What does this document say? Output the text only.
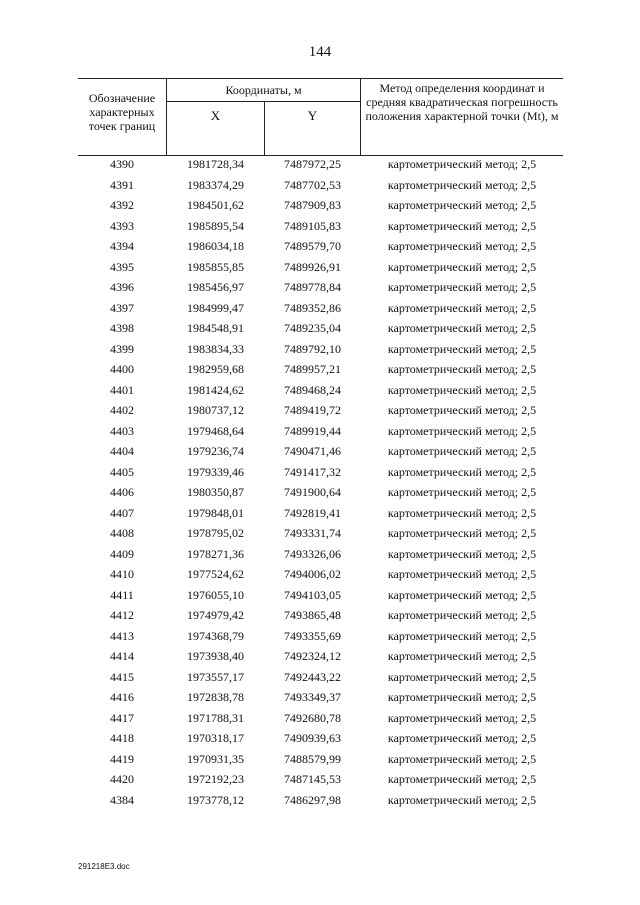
144
Обозначение характерных точек границ
Координаты, м
X	Y
Метод определения координат и средняя квадратическая погрешность положения характерной точки (Mt), м
4390	1981728,34	7487972,25	картометрический метод; 2,5
4391	1983374,29	7487702,53	картометрический метод; 2,5
4392	1984501,62	7487909,83	картометрический метод; 2,5
4393	1985895,54	7489105,83	картометрический метод; 2,5
4394	1986034,18	7489579,70	картометрический метод; 2,5
4395	1985855,85	7489926,91	картометрический метод; 2,5
4396	1985456,97	7489778,84	картометрический метод; 2,5
4397	1984999,47	7489352,86	картометрический метод; 2,5
4398	1984548,91	7489235,04	картометрический метод; 2,5
4399	1983834,33	7489792,10	картометрический метод; 2,5
4400	1982959,68	7489957,21	картометрический метод; 2,5
4401	1981424,62	7489468,24	картометрический метод; 2,5
4402	1980737,12	7489419,72	картометрический метод; 2,5
4403	1979468,64	7489919,44	картометрический метод; 2,5
4404	1979236,74	7490471,46	картометрический метод; 2,5
4405	1979339,46	7491417,32	картометрический метод; 2,5
4406	1980350,87	7491900,64	картометрический метод; 2,5
4407	1979848,01	7492819,41	картометрический метод; 2,5
4408	1978795,02	7493331,74	картометрический метод; 2,5
4409	1978271,36	7493326,06	картометрический метод; 2,5
4410	1977524,62	7494006,02	картометрический метод; 2,5
4411	1976055,10	7494103,05	картометрический метод; 2,5
4412	1974979,42	7493865,48	картометрический метод; 2,5
4413	1974368,79	7493355,69	картометрический метод; 2,5
4414	1973938,40	7492324,12	картометрический метод; 2,5
4415	1973557,17	7492443,22	картометрический метод; 2,5
4416	1972838,78	7493349,37	картометрический метод; 2,5
4417	1971788,31	7492680,78	картометрический метод; 2,5
4418	1970318,17	7490939,63	картометрический метод; 2,5
4419	1970931,35	7488579,99	картометрический метод; 2,5
4420	1972192,23	7487145,53	картометрический метод; 2,5
4384	1973778,12	7486297,98	картометрический метод; 2,5
291218E3.doc
